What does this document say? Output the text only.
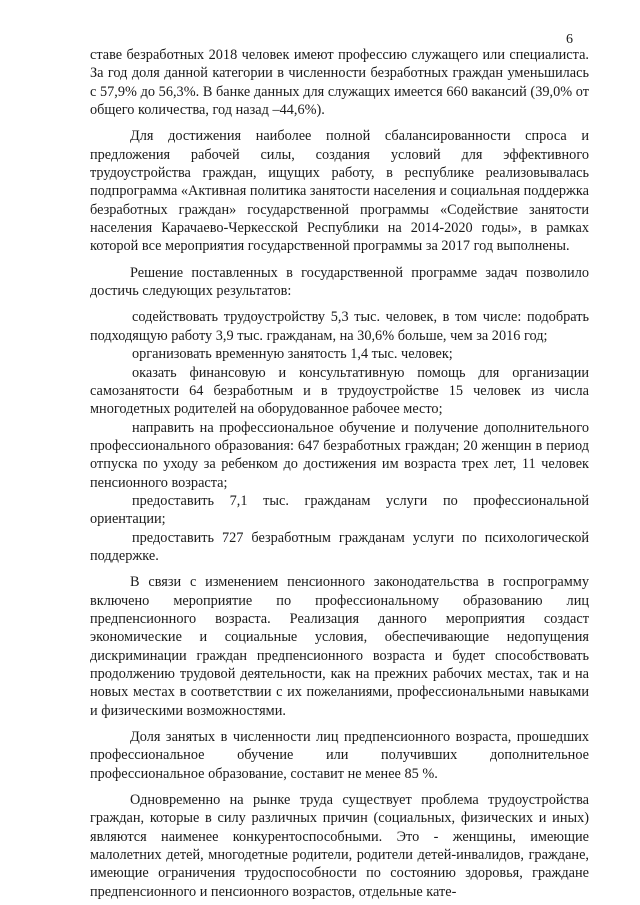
6

ставе безработных 2018 человек имеют профессию служащего или специалиста. За год доля данной категории в численности безработных граждан уменьшилась с 57,9% до 56,3%. В банке данных для служащих имеется 660 вакансий (39,0% от общего количества, год назад –44,6%).

Для достижения наиболее полной сбалансированности спроса и предложения рабочей силы, создания условий для эффективного трудоустройства граждан, ищущих работу, в республике реализовывалась подпрограмма «Активная политика занятости населения и социальная поддержка безработных граждан» государственной программы «Содействие занятости населения Карачаево-Черкесской Республики на 2014-2020 годы», в рамках которой все мероприятия государственной программы за 2017 год выполнены.

Решение поставленных в государственной программе задач позволило достичь следующих результатов:

содействовать трудоустройству 5,3 тыс. человек, в том числе: подобрать подходящую работу 3,9 тыс. гражданам, на 30,6% больше, чем за 2016 год;

организовать временную занятость 1,4 тыс. человек;

оказать финансовую и консультативную помощь для организации самозанятости 64 безработным и в трудоустройстве 15 человек из числа многодетных родителей на оборудованное рабочее место;

направить на профессиональное обучение и получение дополнительного профессионального образования: 647 безработных граждан; 20 женщин в период отпуска по уходу за ребенком до достижения им возраста трех лет, 11 человек пенсионного возраста;

предоставить 7,1 тыс. гражданам услуги по профессиональной ориентации;

предоставить 727 безработным гражданам услуги по психологической поддержке.

В связи с изменением пенсионного законодательства в госпрограмму включено мероприятие по профессиональному образованию лиц предпенсионного возраста. Реализация данного мероприятия создаст экономические и социальные условия, обеспечивающие недопущения дискриминации граждан предпенсионного возраста и будет способствовать продолжению трудовой деятельности, как на прежних рабочих местах, так и на новых местах в соответствии с их пожеланиями, профессиональными навыками и физическими возможностями.

Доля занятых в численности лиц предпенсионного возраста, прошедших профессиональное обучение или получивших дополнительное профессиональное образование, составит не менее 85 %.

Одновременно на рынке труда существует проблема трудоустройства граждан, которые в силу различных причин (социальных, физических и иных) являются наименее конкурентоспособными. Это - женщины, имеющие малолетних детей, многодетные родители, родители детей-инвалидов, граждане, имеющие ограничения трудоспособности по состоянию здоровья, граждане предпенсионного и пенсионного возрастов, отдельные кате-
